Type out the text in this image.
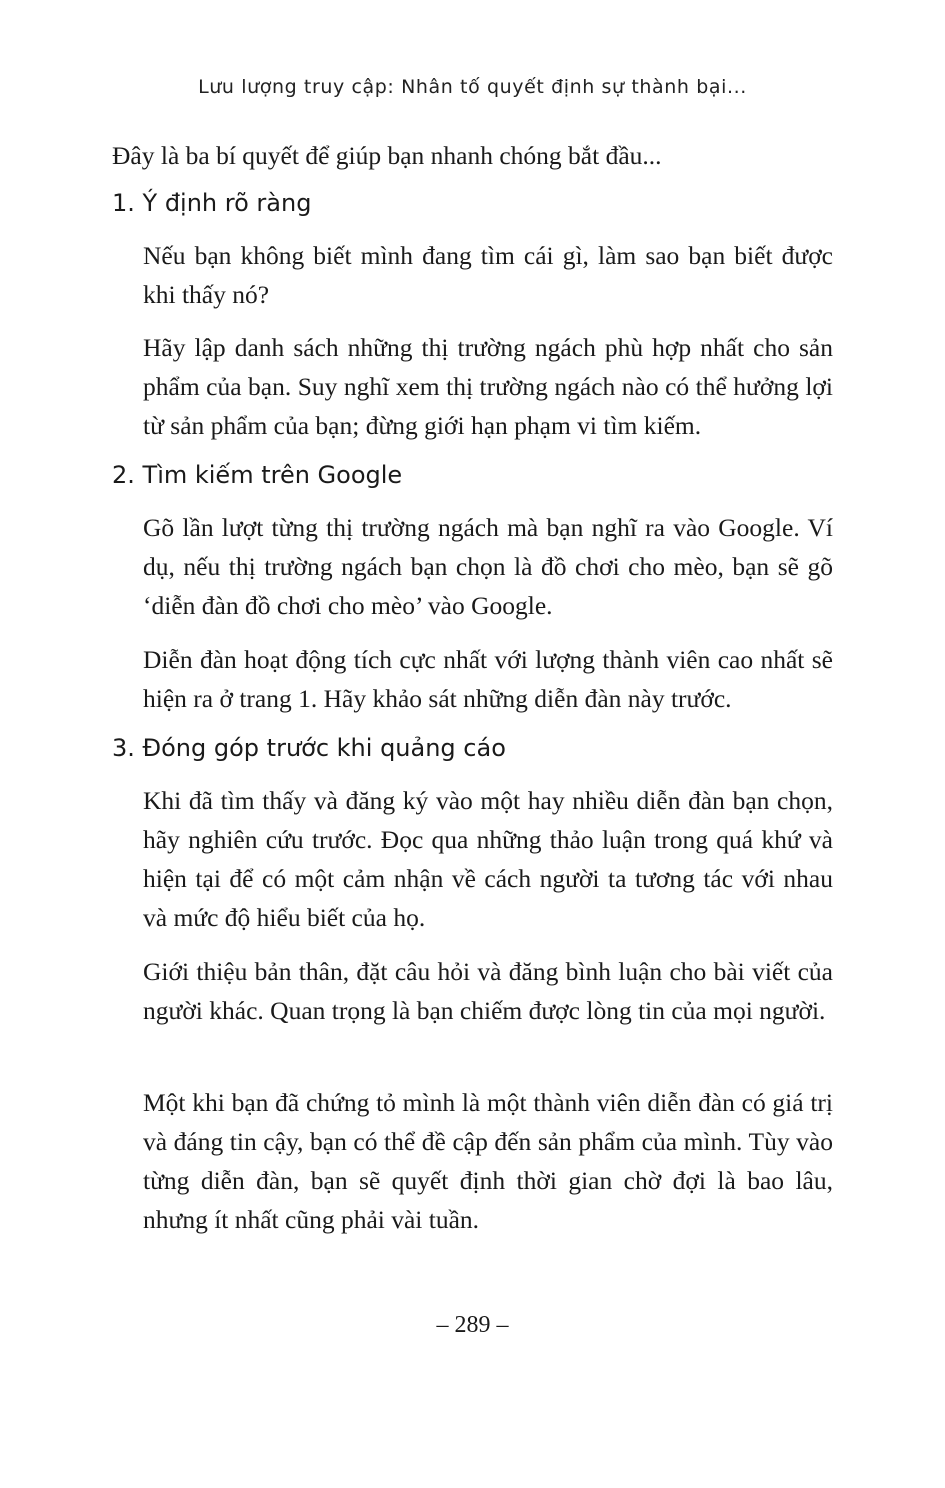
Lưu lượng truy cập: Nhân tố quyết định sự thành bại...
Đây là ba bí quyết để giúp bạn nhanh chóng bắt đầu...
1. Ý định rõ ràng
Nếu bạn không biết mình đang tìm cái gì, làm sao bạn biết được khi thấy nó?
Hãy lập danh sách những thị trường ngách phù hợp nhất cho sản phẩm của bạn. Suy nghĩ xem thị trường ngách nào có thể hưởng lợi từ sản phẩm của bạn; đừng giới hạn phạm vi tìm kiếm.
2. Tìm kiếm trên Google
Gõ lần lượt từng thị trường ngách mà bạn nghĩ ra vào Google. Ví dụ, nếu thị trường ngách bạn chọn là đồ chơi cho mèo, bạn sẽ gõ ‘diễn đàn đồ chơi cho mèo’ vào Google.
Diễn đàn hoạt động tích cực nhất với lượng thành viên cao nhất sẽ hiện ra ở trang 1. Hãy khảo sát những diễn đàn này trước.
3. Đóng góp trước khi quảng cáo
Khi đã tìm thấy và đăng ký vào một hay nhiều diễn đàn bạn chọn, hãy nghiên cứu trước. Đọc qua những thảo luận trong quá khứ và hiện tại để có một cảm nhận về cách người ta tương tác với nhau và mức độ hiểu biết của họ.
Giới thiệu bản thân, đặt câu hỏi và đăng bình luận cho bài viết của người khác. Quan trọng là bạn chiếm được lòng tin của mọi người.
Một khi bạn đã chứng tỏ mình là một thành viên diễn đàn có giá trị và đáng tin cậy, bạn có thể đề cập đến sản phẩm của mình. Tùy vào từng diễn đàn, bạn sẽ quyết định thời gian chờ đợi là bao lâu, nhưng ít nhất cũng phải vài tuần.
– 289 –
